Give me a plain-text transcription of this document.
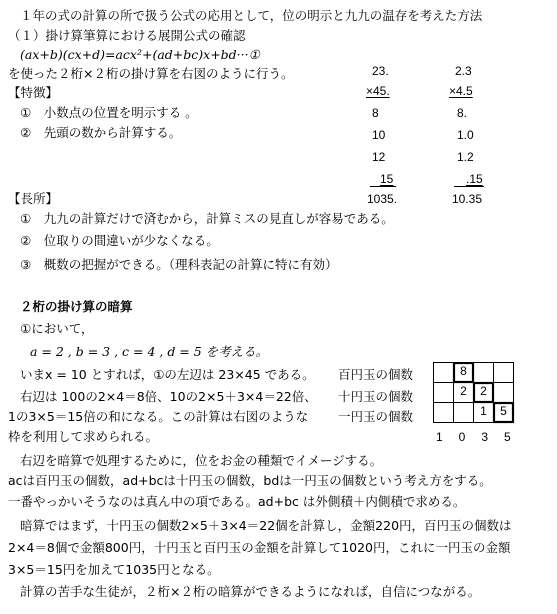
１年の式の計算の所で扱う公式の応用として，位の明示と九九の温存を考えた方法
（１）掛け算筆算における展開公式の確認
(ax+b)(cx+d)=acx²+(ad+bc)x+bd···①
を使った２桁×２桁の掛け算を右図のように行う。
【特徴】
①　小数点の位置を明示する 。
②　先頭の数から計算する。
【長所】
①　九九の計算だけで済むから，計算ミスの見直しが容易である。
②　位取りの間違いが少なくなる。
③　概数の把握ができる。（理科表記の計算に特に有効）
23.
×45.
8
10
12
15
1035.
2.3
×4.5
8.
1.0
1.2
.15
10.35
２桁の掛け算の暗算
①において，
a = 2 , b = 3 , c = 4 , d = 5 を考える。
いまx = 10 とすれば，①の左辺は 23×45 である。
右辺は 100の2×4＝8倍、10の2×5＋3×4＝22倍、
1の3×5＝15倍の和になる。この計算は右図のような
枠を利用して求められる。
右辺を暗算で処理するために，位をお金の種類でイメージする。
acは百円玉の個数，ad+bcは十円玉の個数，bdは一円玉の個数という考え方をする。
一番やっかいそうなのは真ん中の項である。ad+bc は外側積＋内側積で求める。
暗算ではまず，十円玉の個数2×5＋3×4＝22個を計算し，金額220円，百円玉の個数は
2×4＝8個で金額800円，十円玉と百円玉の金額を計算して1020円，これに一円玉の金額
3×5＝15円を加えて1035円となる。
計算の苦手な生徒が，２桁×２桁の暗算ができるようになれば，自信につながる。
百円玉の個数
十円玉の個数
一円玉の個数
8
2	2
1	5
1　0　3　5
